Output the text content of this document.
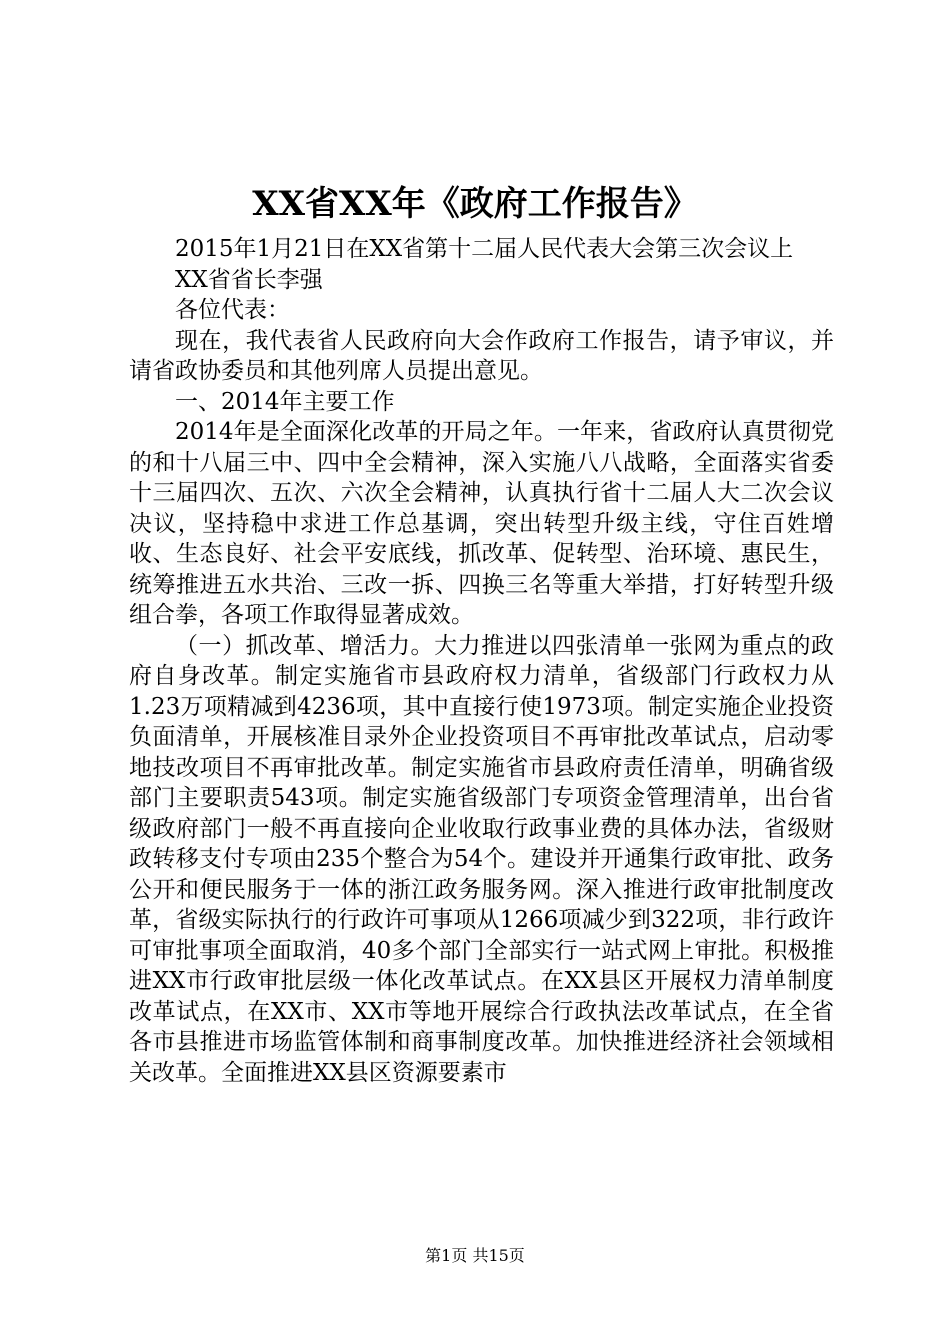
XX省XX年《政府工作报告》

2015年1月21日在XX省第十二届人民代表大会第三次会议上

XX省省长李强

各位代表：

现在，我代表省人民政府向大会作政府工作报告，请予审议，并请省政协委员和其他列席人员提出意见。

一、2014年主要工作

2014年是全面深化改革的开局之年。一年来，省政府认真贯彻党的和十八届三中、四中全会精神，深入实施八八战略，全面落实省委十三届四次、五次、六次全会精神，认真执行省十二届人大二次会议决议，坚持稳中求进工作总基调，突出转型升级主线，守住百姓增收、生态良好、社会平安底线，抓改革、促转型、治环境、惠民生，统筹推进五水共治、三改一拆、四换三名等重大举措，打好转型升级组合拳，各项工作取得显著成效。

（一）抓改革、增活力。大力推进以四张清单一张网为重点的政府自身改革。制定实施省市县政府权力清单，省级部门行政权力从1.23万项精减到4236项，其中直接行使1973项。制定实施企业投资负面清单，开展核准目录外企业投资项目不再审批改革试点，启动零地技改项目不再审批改革。制定实施省市县政府责任清单，明确省级部门主要职责543项。制定实施省级部门专项资金管理清单，出台省级政府部门一般不再直接向企业收取行政事业费的具体办法，省级财政转移支付专项由235个整合为54个。建设并开通集行政审批、政务公开和便民服务于一体的浙江政务服务网。深入推进行政审批制度改革，省级实际执行的行政许可事项从1266项减少到322项，非行政许可审批事项全面取消，40多个部门全部实行一站式网上审批。积极推进XX市行政审批层级一体化改革试点。在XX县区开展权力清单制度改革试点，在XX市、XX市等地开展综合行政执法改革试点，在全省各市县推进市场监管体制和商事制度改革。加快推进经济社会领域相关改革。全面推进XX县区资源要素市

第1页 共15页
